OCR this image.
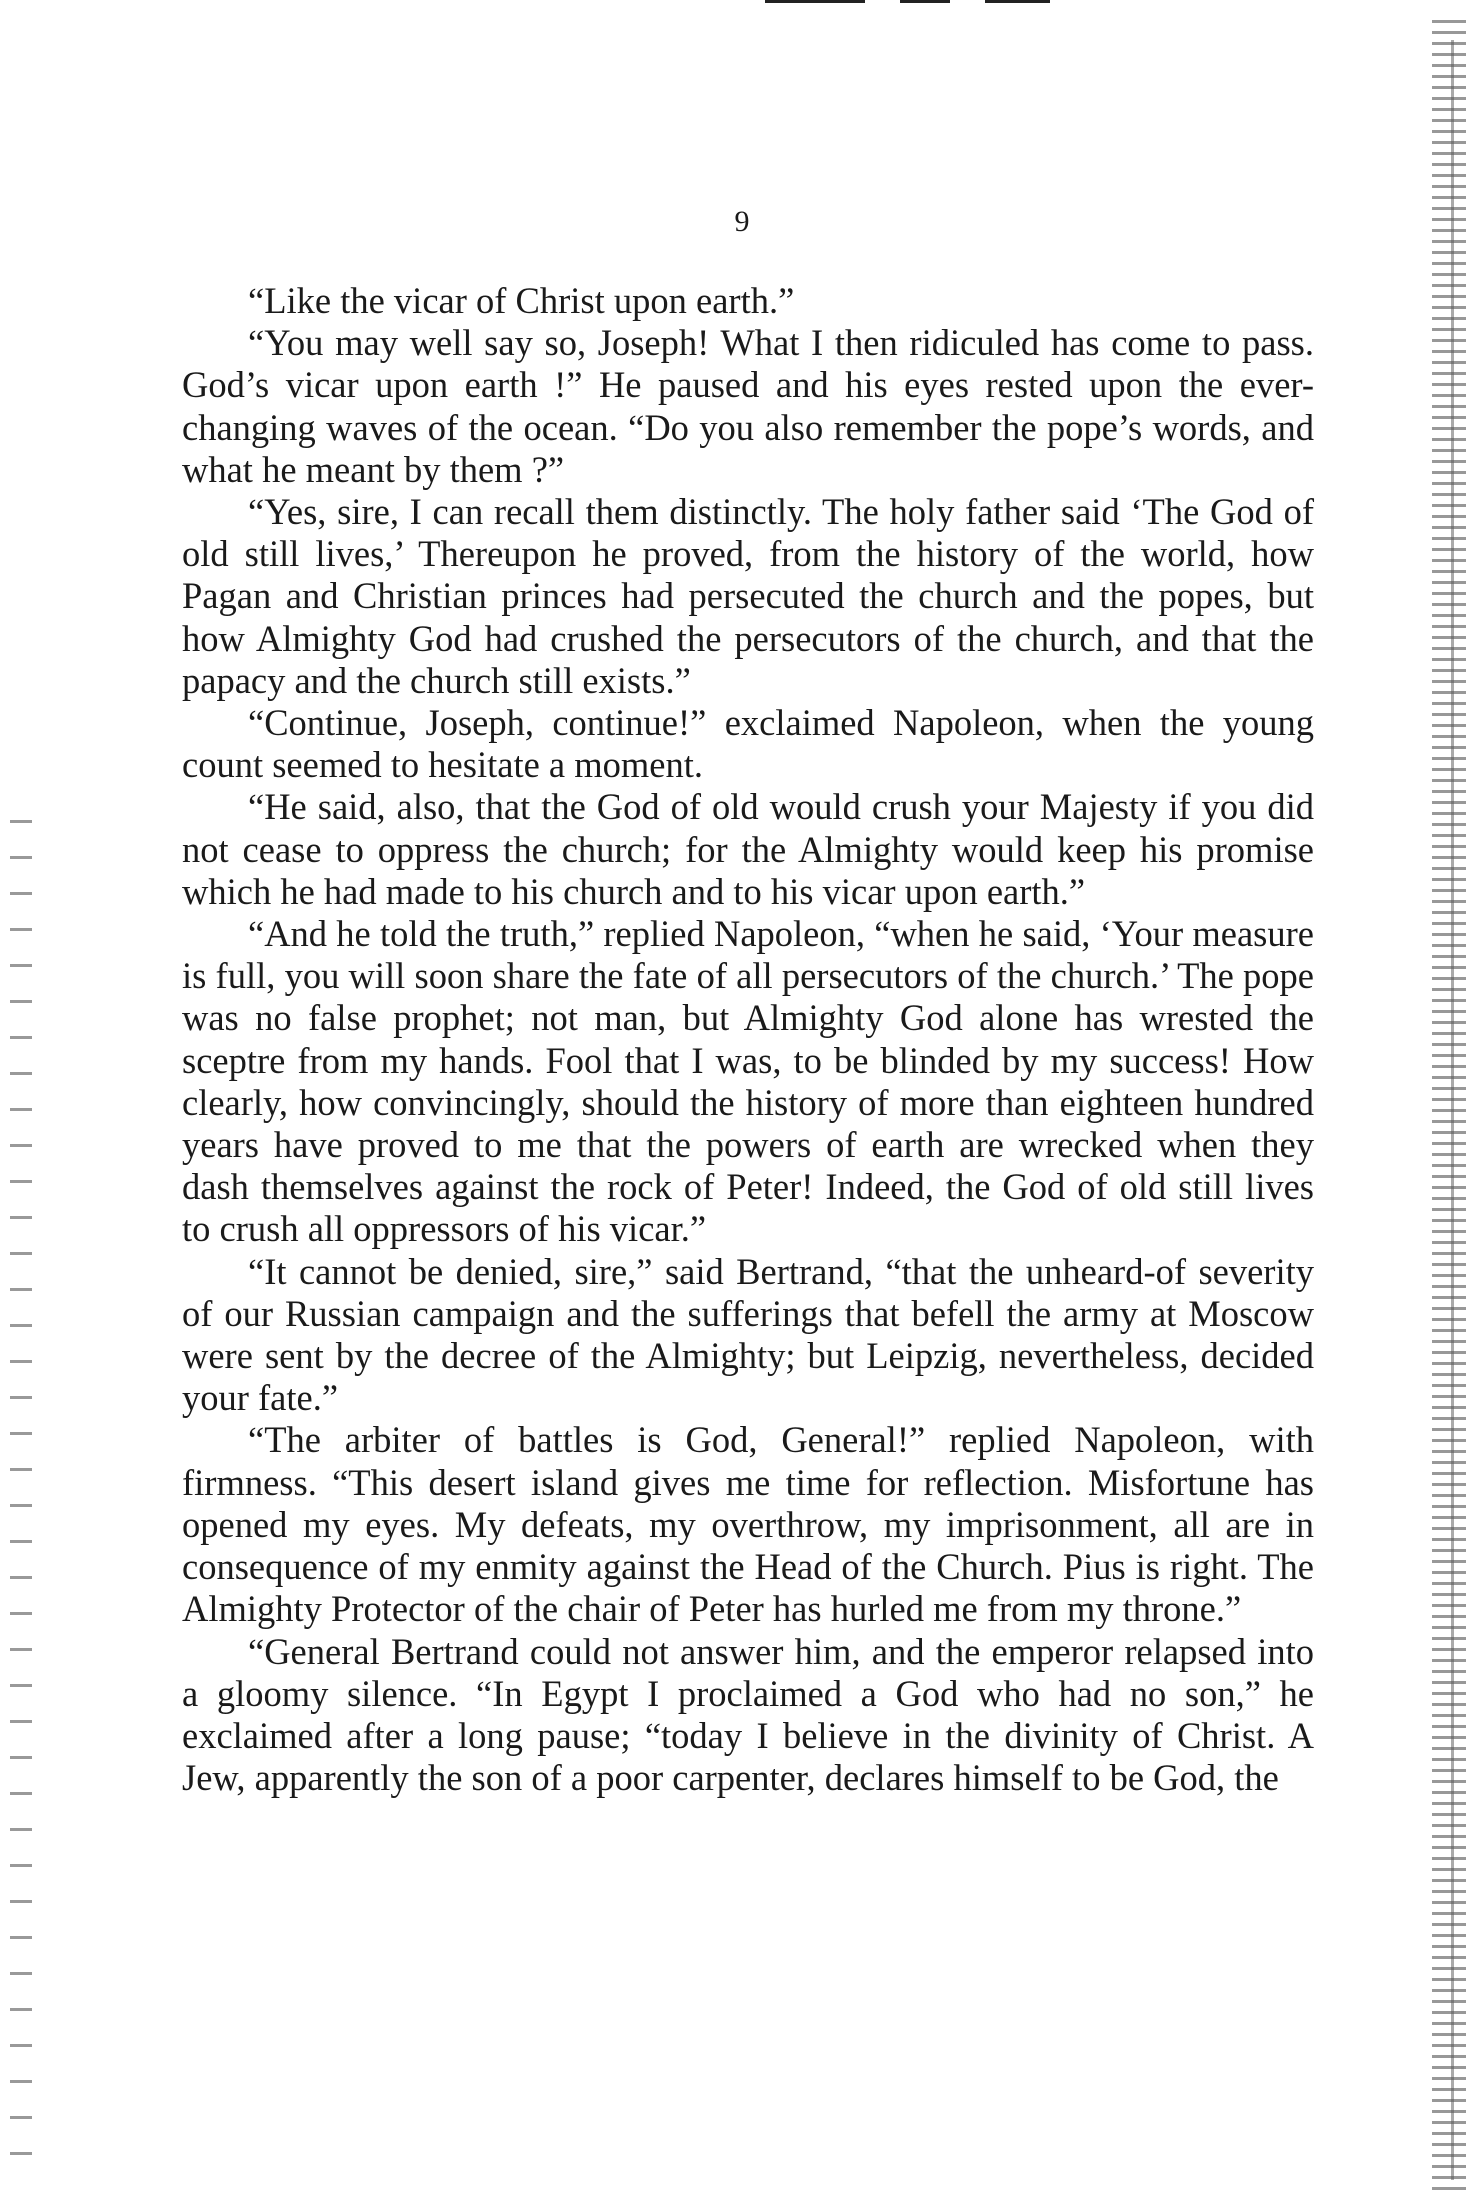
9

“Like the vicar of Christ upon earth.”

“You may well say so, Joseph! What I then ridiculed has come to pass. God’s vicar upon earth !” He paused and his eyes rested upon the ever-changing waves of the ocean. “Do you also remember the pope’s words, and what he meant by them ?”

“Yes, sire, I can recall them distinctly. The holy father said ‘The God of old still lives,’ Thereupon he proved, from the history of the world, how Pagan and Christian princes had persecuted the church and the popes, but how Almighty God had crushed the persecutors of the church, and that the papacy and the church still exists.”

“Continue, Joseph, continue!” exclaimed Napoleon, when the young count seemed to hesitate a moment.

“He said, also, that the God of old would crush your Majesty if you did not cease to oppress the church; for the Almighty would keep his promise which he had made to his church and to his vicar upon earth.”

“And he told the truth,” replied Napoleon, “when he said, ‘Your measure is full, you will soon share the fate of all persecutors of the church.’ The pope was no false prophet; not man, but Almighty God alone has wrested the sceptre from my hands. Fool that I was, to be blinded by my success! How clearly, how convincingly, should the history of more than eighteen hundred years have proved to me that the powers of earth are wrecked when they dash themselves against the rock of Peter! Indeed, the God of old still lives to crush all oppressors of his vicar.”

“It cannot be denied, sire,” said Bertrand, “that the unheard-of severity of our Russian campaign and the sufferings that befell the army at Moscow were sent by the decree of the Almighty; but Leipzig, nevertheless, decided your fate.”

“The arbiter of battles is God, General!” replied Napoleon, with firmness. “This desert island gives me time for reflection. Misfortune has opened my eyes. My defeats, my overthrow, my imprisonment, all are in consequence of my enmity against the Head of the Church. Pius is right. The Almighty Protector of the chair of Peter has hurled me from my throne.”

“General Bertrand could not answer him, and the emperor relapsed into a gloomy silence. “In Egypt I proclaimed a God who had no son,” he exclaimed after a long pause; “today I believe in the divinity of Christ. A Jew, apparently the son of a poor carpenter, declares himself to be God, the
